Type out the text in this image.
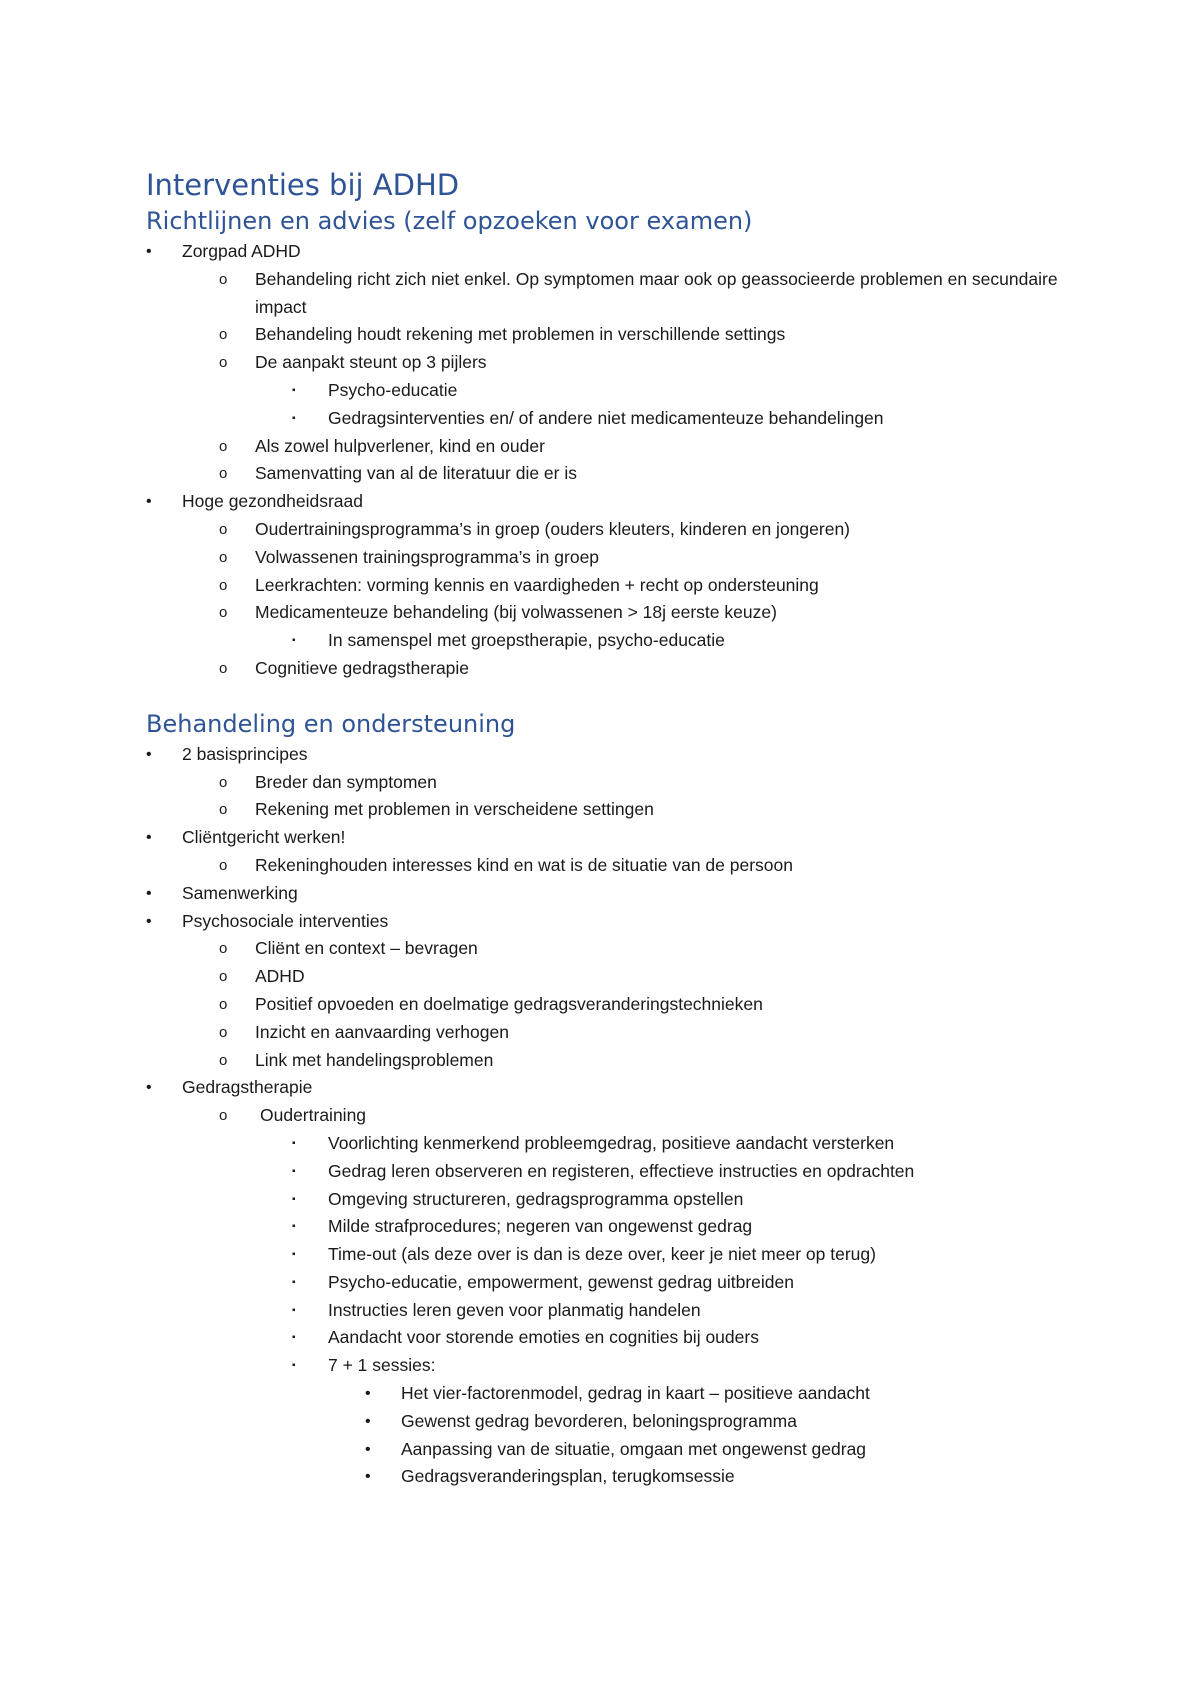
Interventies bij ADHD
Richtlijnen en advies (zelf opzoeken voor examen)
• Zorgpad ADHD
o Behandeling richt zich niet enkel. Op symptomen maar ook op geassocieerde problemen en secundaire impact
o Behandeling houdt rekening met problemen in verschillende settings
o De aanpakt steunt op 3 pijlers
▪ Psycho-educatie
▪ Gedragsinterventies en/ of andere niet medicamenteuze behandelingen
o Als zowel hulpverlener, kind en ouder
o Samenvatting van al de literatuur die er is
• Hoge gezondheidsraad
o Oudertrainingsprogramma’s in groep (ouders kleuters, kinderen en jongeren)
o Volwassenen trainingsprogramma’s in groep
o Leerkrachten: vorming kennis en vaardigheden + recht op ondersteuning
o Medicamenteuze behandeling (bij volwassenen > 18j eerste keuze)
▪ In samenspel met groepstherapie, psycho-educatie
o Cognitieve gedragstherapie
Behandeling en ondersteuning
• 2 basisprincipes
o Breder dan symptomen
o Rekening met problemen in verscheidene settingen
• Cliëntgericht werken!
o Rekeninghouden interesses kind en wat is de situatie van de persoon
• Samenwerking
• Psychosociale interventies
o Cliënt en context – bevragen
o ADHD
o Positief opvoeden en doelmatige gedragsveranderingstechnieken
o Inzicht en aanvaarding verhogen
o Link met handelingsproblemen
• Gedragstherapie
o Oudertraining
▪ Voorlichting kenmerkend probleemgedrag, positieve aandacht versterken
▪ Gedrag leren observeren en registeren, effectieve instructies en opdrachten
▪ Omgeving structureren, gedragsprogramma opstellen
▪ Milde strafprocedures; negeren van ongewenst gedrag
▪ Time-out (als deze over is dan is deze over, keer je niet meer op terug)
▪ Psycho-educatie, empowerment, gewenst gedrag uitbreiden
▪ Instructies leren geven voor planmatig handelen
▪ Aandacht voor storende emoties en cognities bij ouders
▪ 7 + 1 sessies:
• Het vier-factorenmodel, gedrag in kaart – positieve aandacht
• Gewenst gedrag bevorderen, beloningsprogramma
• Aanpassing van de situatie, omgaan met ongewenst gedrag
• Gedragsveranderingsplan, terugkomsessie
